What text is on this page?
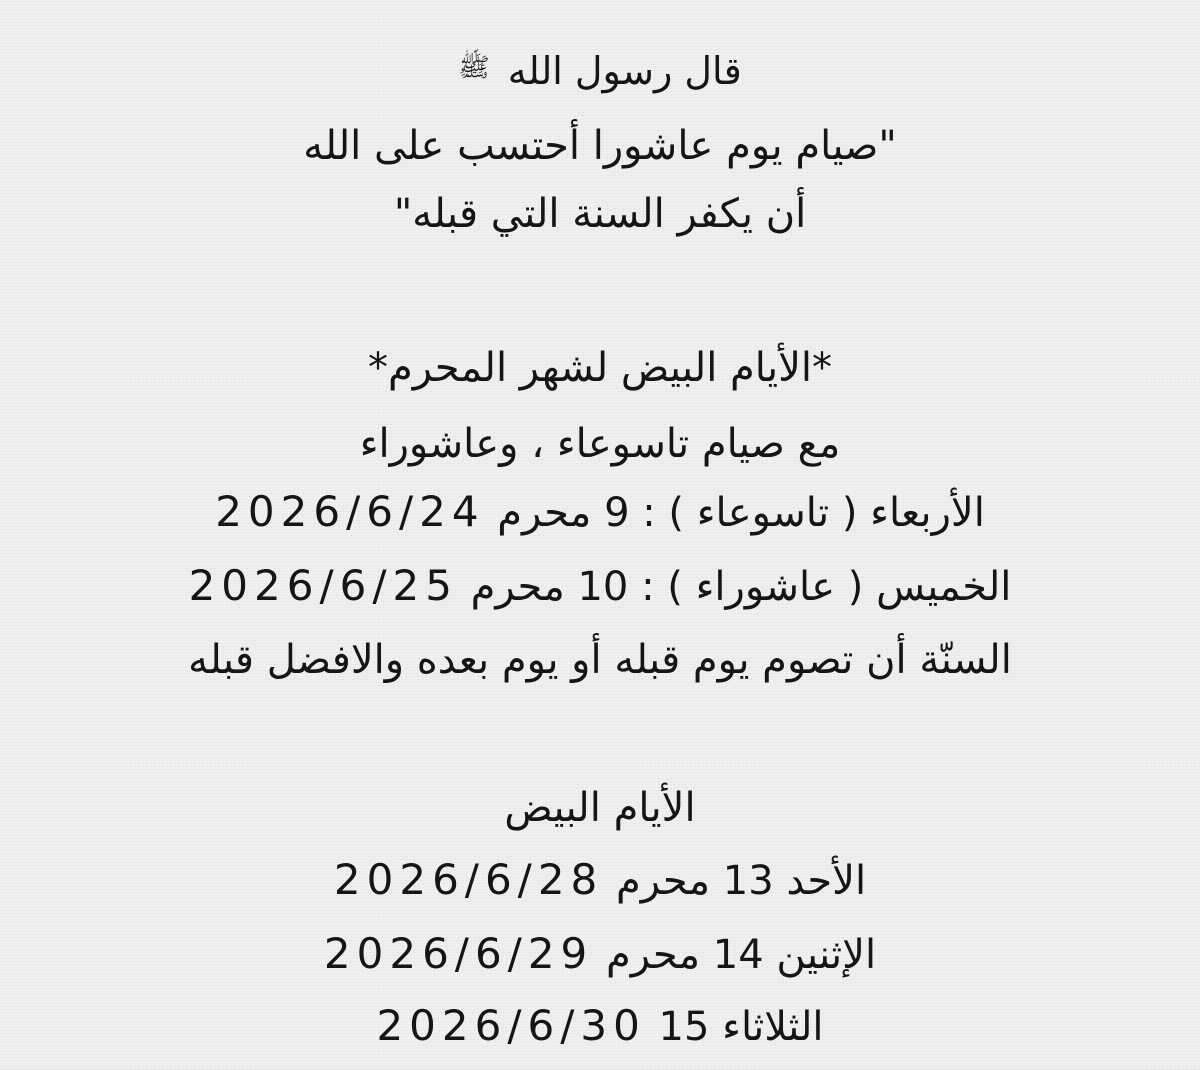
قال رسول الله $^ﷺ$
"صيام يوم عاشورا أحتسب على الله
أن يكفر السنة التي قبله"
*الأيام البيض لشهر المحرم*
مع صيام تاسوعاء ، وعاشوراء
الأربعاء ( تاسوعاء ) : 9 محرم 2026/6/24
الخميس ( عاشوراء ) : 10 محرم 2026/6/25
السنّة أن تصوم يوم قبله أو يوم بعده والافضل قبله
الأيام البيض
الأحد 13 محرم 2026/6/28
الإثنين 14 محرم 2026/6/29
الثلاثاء 15 2026/6/30
